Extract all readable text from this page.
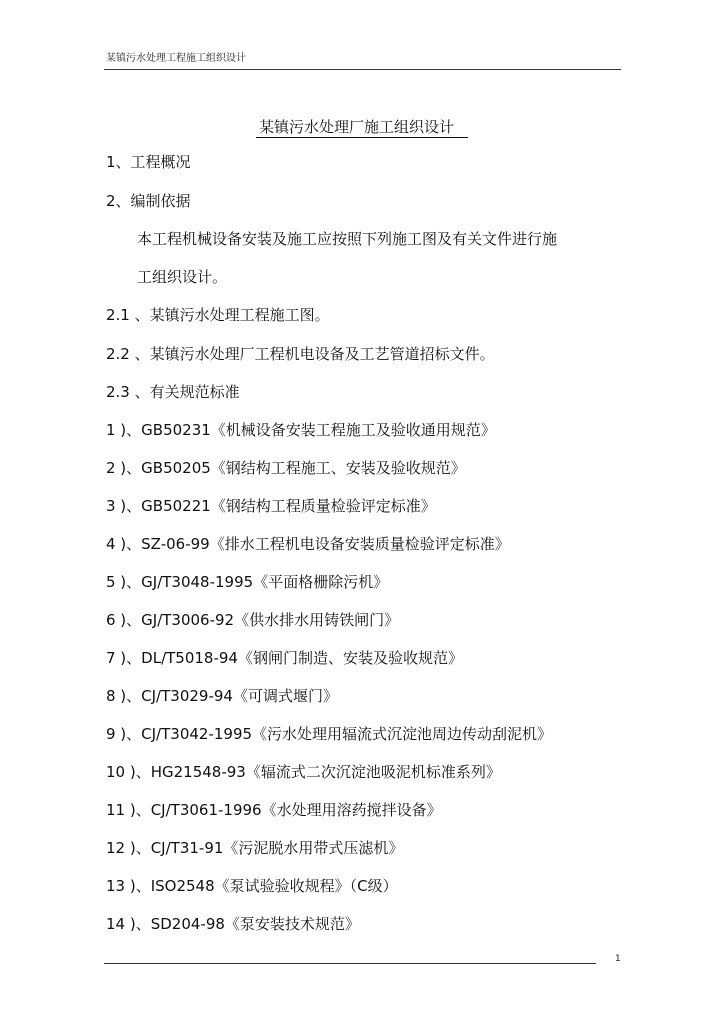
某镇污水处理工程施工组织设计
某镇污水处理厂施工组织设计
1、工程概况
2、编制依据
本工程机械设备安装及施工应按照下列施工图及有关文件进行施
工组织设计。
2.1 、某镇污水处理工程施工图。
2.2 、某镇污水处理厂工程机电设备及工艺管道招标文件。
2.3 、有关规范标准
1 )、GB50231《机械设备安装工程施工及验收通用规范》
2 )、GB50205《钢结构工程施工、安装及验收规范》
3 )、GB50221《钢结构工程质量检验评定标准》
4 )、SZ-06-99《排水工程机电设备安装质量检验评定标准》
5 )、GJ/T3048-1995《平面格栅除污机》
6 )、GJ/T3006-92《供水排水用铸铁闸门》
7 )、DL/T5018-94《钢闸门制造、安装及验收规范》
8 )、CJ/T3029-94《可调式堰门》
9 )、CJ/T3042-1995《污水处理用辐流式沉淀池周边传动刮泥机》
10 )、HG21548-93《辐流式二次沉淀池吸泥机标准系列》
11 )、CJ/T3061-1996《水处理用溶药搅拌设备》
12 )、CJ/T31-91《污泥脱水用带式压滤机》
13 )、ISO2548《泵试验验收规程》（C级）
14 )、SD204-98《泵安装技术规范》
1
